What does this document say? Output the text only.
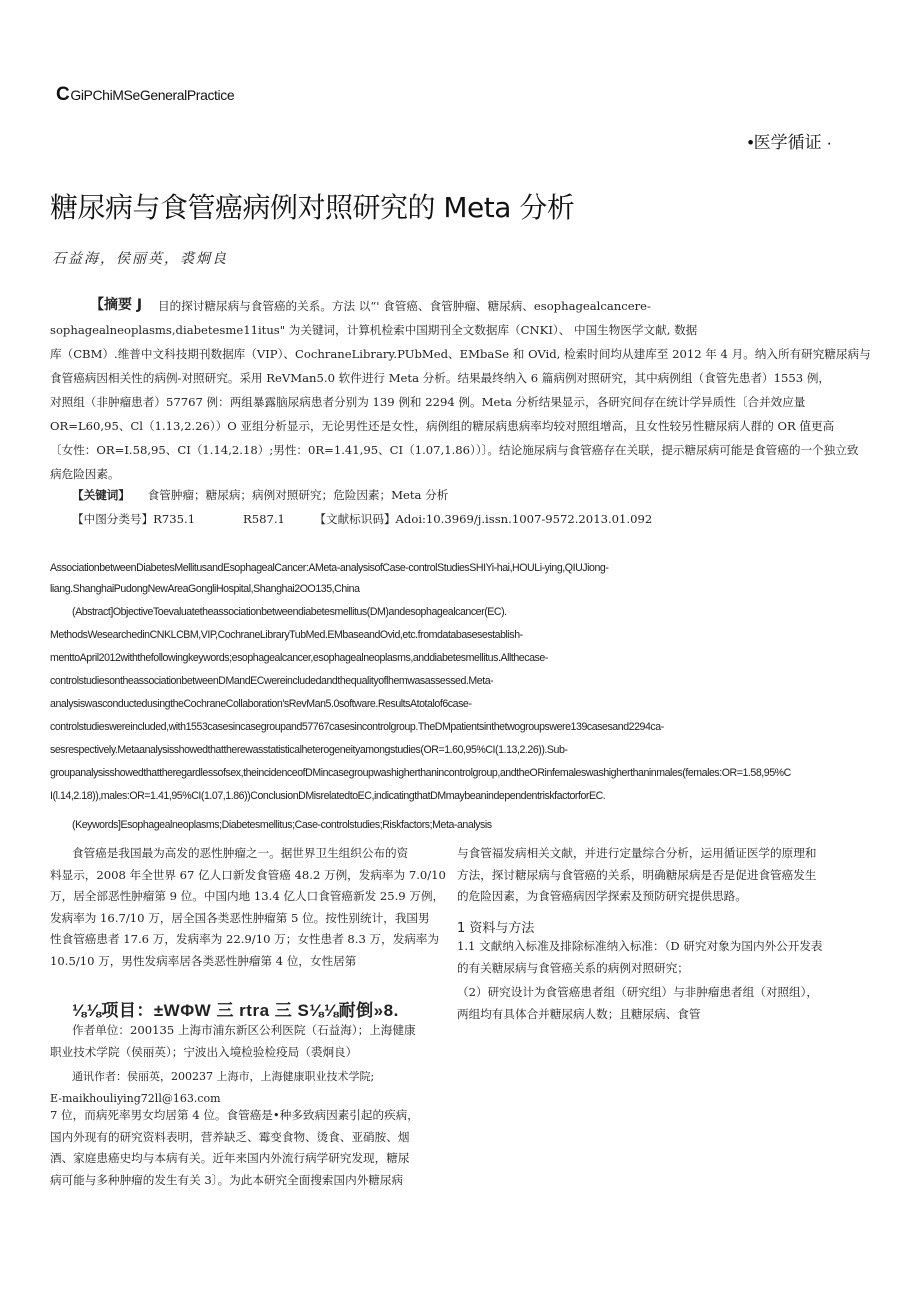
CGiPChiMSeGeneralPractice
•医学循证 ·
糖尿病与食管癌病例对照研究的 Meta 分析
石益海，侯丽英，裘炯良
【摘要 J 目的探讨糖尿病与食管癌的关系。方法 以“' 食管癌、食管肿瘤、糖尿病、esophagealcancere-
sophagealneoplasms,diabetesme11itus" 为关键词，计算机检索中国期刊全文数据库（CNKI）、 中国生物医学文献, 数据
库（CBM）.维普中文科技期刊数据库（VIP）、CochraneLibrary.PUbMed、EMbaSe 和 OVid, 检索时间均从建库至 2012 年 4 月。纳入所有研究糖尿病与
食管癌病因相关性的病例-对照研究。采用 ReVMan5.0 软件进行 Meta 分析。结果最终纳入 6 篇病例对照研究，其中病例组（食管先患者）1553 例，
对照组（非肿瘤患者）57767 例：两组暴露脑尿病患者分别为 139 例和 2294 例。Meta 分析结果显示，各研究间存在统计学异质性〔合并效应量
OR=L60,95、Cl（1.13,2.26））O 亚组分析显示，无论男性还是女性，病例组的糖尿病患病率均较对照组增高，且女性较另性糖尿病人群的 OR 值更高
〔女性：OR=I.58,95、CI（1.14,2.18）;男性：0R=1.41,95、CI（1.07,1.86））〕。结论施尿病与食管癌存在关联，提示糖尿病可能是食管癌的一个独立致
病危险因素。
【关键词】 食管肿瘤；糖尿病；病例对照研究；危险因素；Meta 分析
【中图分类号】R735.1             R587.1        【文献标识码】Adoi:10.3969/j.issn.1007-9572.2013.01.092
AssociationbetweenDiabetesMellitusandEsophagealCancer:AMeta-analysisofCase-controlStudiesSHIYi-hai,HOULi-ying,QIUJiong-
liang.ShanghaiPudongNewAreaGongliHospital,Shanghai2OO135,China
(Abstract]ObjectiveToevaluatetheassociationbetweendiabetesmellitus(DM)andesophagealcancer(EC).
MethodsWesearchedinCNKLCBM,VIP,CochraneLibraryTubMed.EMbaseandOvid,etc.fromdatabasesestablish-
menttoApril2012withthefollowingkeywords;esophagealcancer,esophagealneoplasms,anddiabetesmellitus.Allthecase-
controlstudiesontheassociationbetweenDMandECwereincludedandthequalityoflhemwasassessed.Meta-
analysiswasconductedusingtheCochraneCollaboration'sRevMan5.0software.ResultsAtotalof6case-
controlstudieswereincluded,with1553casesincasegroupand57767casesincontrolgroup.TheDMpatientsinthetwogroupswere139casesand2294ca-
sesrespectively.Metaanalysisshowedthattherewasstatisticalheterogeneityamongstudies(OR=1.60,95%CI(1.13,2.26)).Sub-
groupanalysisshowedthattheregardlessofsex,theincidenceofDMincasegroupwashigherthanincontrolgroup,andtheORinfemaleswashigherthaninmales(females:OR=1.58,95%C
I(l.14,2.18)),males:OR=1.41,95%CI(1.07,1.86))ConclusionDMisrelatedtoEC,indicatingthatDMmaybeanindependentriskfactorforEC.
(Keywords]Esophagealneoplasms;Diabetesmellitus;Case-controlstudies;Riskfactors;Meta-analysis
食管癌是我国最为高发的恶性肿瘤之一。据世界卫生组织公布的资
料显示，2008 年全世界 67 亿人口新发食管癌 48.2 万例，发病率为 7.0/10
万，居全部恶性肿瘤第 9 位。中国内地 13.4 亿人口食管癌新发 25.9 万例，
发病率为 16.7/10 万，居全国各类恶性肿瘤第 5 位。按性别统计，我国男
性食管癌患者 17.6 万，发病率为 22.9/10 万；女性患者 8.3 万，发病率为
10.5/10 万，男性发病率居各类恶性肿瘤第 4 位，女性居第
⅛⅛项目：±WΦW 三 rtra 三 S⅛⅛耐倒»8.
作者单位：200135 上海市浦东新区公利医院（石益海）；上海健康
职业技术学院（侯丽英）；宁波出入境检验检疫局（裘炯良）
通讯作者：侯丽英，200237 上海市，上海健康职业技术学院;
E-maikhouliying72ll@163.com
7 位，而病死率男女均居第 4 位。食管癌是•种多致病因素引起的疾病，
国内外现有的研究资料表明，营养缺乏、霉变食物、烫食、亚硝胺、烟
酒、家庭患癌史均与本病有关。近年来国内外流行病学研究发现，糖尿
病可能与多种肿瘤的发生有关 3〕。为此本研究全面搜索国内外糖尿病
与食管福发病相关文献，并进行定量综合分析，运用循证医学的原理和
方法，探讨糖尿病与食管癌的关系，明确糖尿病是否是促进食管癌发生
的危险因素，为食管癌病因学探索及预防研究提供思路。
1 资料与方法
1.1 文献纳入标准及排除标准纳入标准：（D 研究对象为国内外公开发表
的有关糖尿病与食管癌关系的病例对照研究；
（2）研究设计为食管癌患者组（研究组）与非肿瘤患者组（对照组），
两组均有具体合并糖尿病人数；且糖尿病、食管
